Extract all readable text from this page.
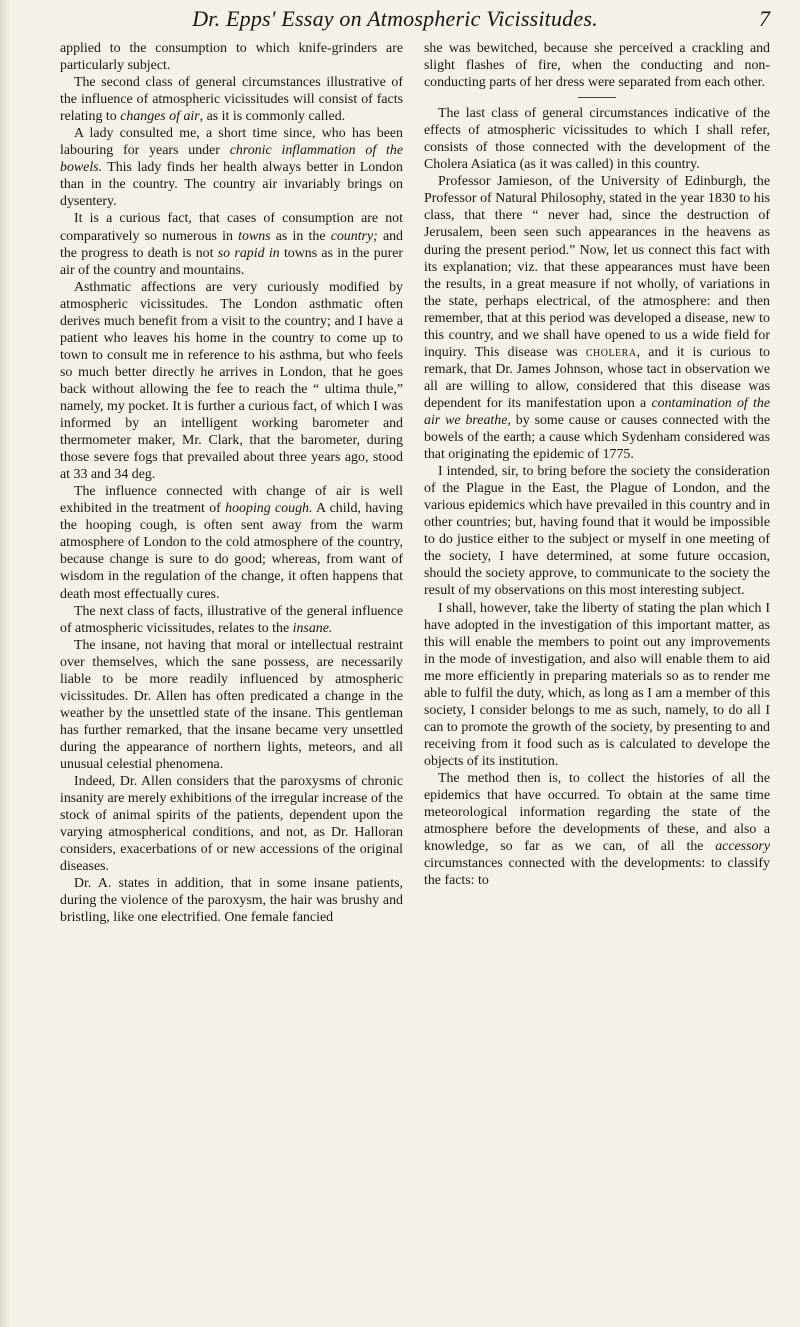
Dr. Epps' Essay on Atmospheric Vicissitudes.	7

applied to the consumption to which knife-grinders are particularly subject.

The second class of general circumstances illustrative of the influence of atmospheric vicissitudes will consist of facts relating to changes of air, as it is commonly called.

A lady consulted me, a short time since, who has been labouring for years under chronic inflammation of the bowels. This lady finds her health always better in London than in the country. The country air invariably brings on dysentery.

It is a curious fact, that cases of consumption are not comparatively so numerous in towns as in the country; and the progress to death is not so rapid in towns as in the purer air of the country and mountains.

Asthmatic affections are very curiously modified by atmospheric vicissitudes. The London asthmatic often derives much benefit from a visit to the country; and I have a patient who leaves his home in the country to come up to town to consult me in reference to his asthma, but who feels so much better directly he arrives in London, that he goes back without allowing the fee to reach the “ ultima thule,” namely, my pocket. It is further a curious fact, of which I was informed by an intelligent working barometer and thermometer maker, Mr. Clark, that the barometer, during those severe fogs that prevailed about three years ago, stood at 33 and 34 deg.

The influence connected with change of air is well exhibited in the treatment of hooping cough. A child, having the hooping cough, is often sent away from the warm atmosphere of London to the cold atmosphere of the country, because change is sure to do good; whereas, from want of wisdom in the regulation of the change, it often happens that death most effectually cures.

The next class of facts, illustrative of the general influence of atmospheric vicissitudes, relates to the insane.

The insane, not having that moral or intellectual restraint over themselves, which the sane possess, are necessarily liable to be more readily influenced by atmospheric vicissitudes. Dr. Allen has often predicated a change in the weather by the unsettled state of the insane. This gentleman has further remarked, that the insane became very unsettled during the appearance of northern lights, meteors, and all unusual celestial phenomena.

Indeed, Dr. Allen considers that the paroxysms of chronic insanity are merely exhibitions of the irregular increase of the stock of animal spirits of the patients, dependent upon the varying atmospherical conditions, and not, as Dr. Halloran considers, exacerbations of or new accessions of the original diseases.

Dr. A. states in addition, that in some insane patients, during the violence of the paroxysm, the hair was brushy and bristling, like one electrified. One female fancied

she was bewitched, because she perceived a crackling and slight flashes of fire, when the conducting and non-conducting parts of her dress were separated from each other.

The last class of general circumstances indicative of the effects of atmospheric vicissitudes to which I shall refer, consists of those connected with the development of the Cholera Asiatica (as it was called) in this country.

Professor Jamieson, of the University of Edinburgh, the Professor of Natural Philosophy, stated in the year 1830 to his class, that there “ never had, since the destruction of Jerusalem, been seen such appearances in the heavens as during the present period.” Now, let us connect this fact with its explanation; viz. that these appearances must have been the results, in a great measure if not wholly, of variations in the state, perhaps electrical, of the atmosphere: and then remember, that at this period was developed a disease, new to this country, and we shall have opened to us a wide field for inquiry. This disease was cholera, and it is curious to remark, that Dr. James Johnson, whose tact in observation we all are willing to allow, considered that this disease was dependent for its manifestation upon a contamination of the air we breathe, by some cause or causes connected with the bowels of the earth; a cause which Sydenham considered was that originating the epidemic of 1775.

I intended, sir, to bring before the society the consideration of the Plague in the East, the Plague of London, and the various epidemics which have prevailed in this country and in other countries; but, having found that it would be impossible to do justice either to the subject or myself in one meeting of the society, I have determined, at some future occasion, should the society approve, to communicate to the society the result of my observations on this most interesting subject.

I shall, however, take the liberty of stating the plan which I have adopted in the investigation of this important matter, as this will enable the members to point out any improvements in the mode of investigation, and also will enable them to aid me more efficiently in preparing materials so as to render me able to fulfil the duty, which, as long as I am a member of this society, I consider belongs to me as such, namely, to do all I can to promote the growth of the society, by presenting to and receiving from it food such as is calculated to develope the objects of its institution.

The method then is, to collect the histories of all the epidemics that have occurred. To obtain at the same time meteorological information regarding the state of the atmosphere before the developments of these, and also a knowledge, so far as we can, of all the accessory circumstances connected with the developments: to classify the facts: to
